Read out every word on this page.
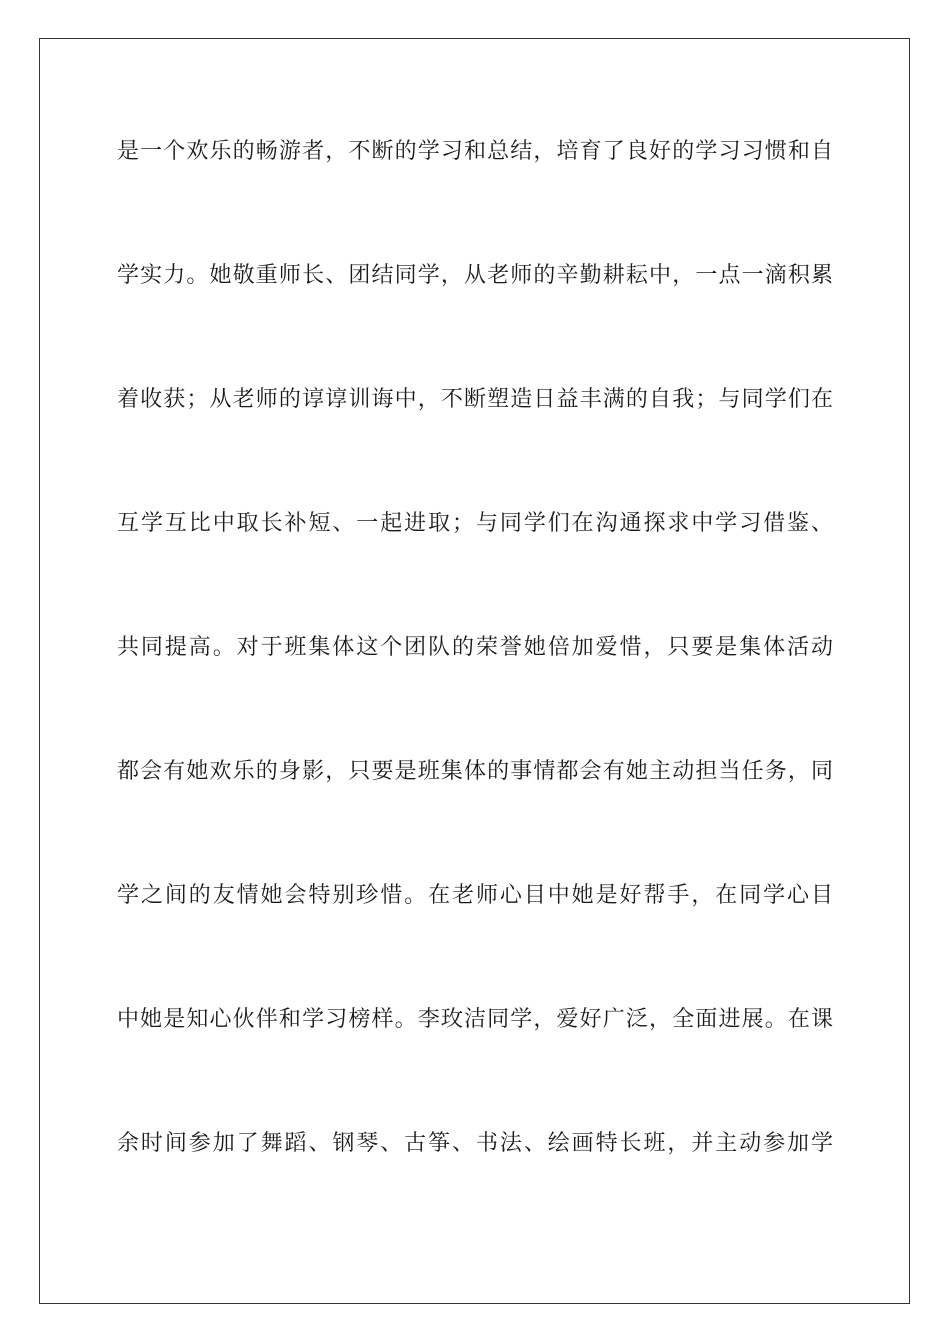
是一个欢乐的畅游者，不断的学习和总结，培育了良好的学习习惯和自
学实力。她敬重师长、团结同学，从老师的辛勤耕耘中，一点一滴积累
着收获；从老师的谆谆训诲中，不断塑造日益丰满的自我；与同学们在
互学互比中取长补短、一起进取；与同学们在沟通探求中学习借鉴、
共同提高。对于班集体这个团队的荣誉她倍加爱惜，只要是集体活动
都会有她欢乐的身影，只要是班集体的事情都会有她主动担当任务，同
学之间的友情她会特别珍惜。在老师心目中她是好帮手，在同学心目
中她是知心伙伴和学习榜样。李玫洁同学，爱好广泛，全面进展。在课
余时间参加了舞蹈、钢琴、古筝、书法、绘画特长班，并主动参加学
